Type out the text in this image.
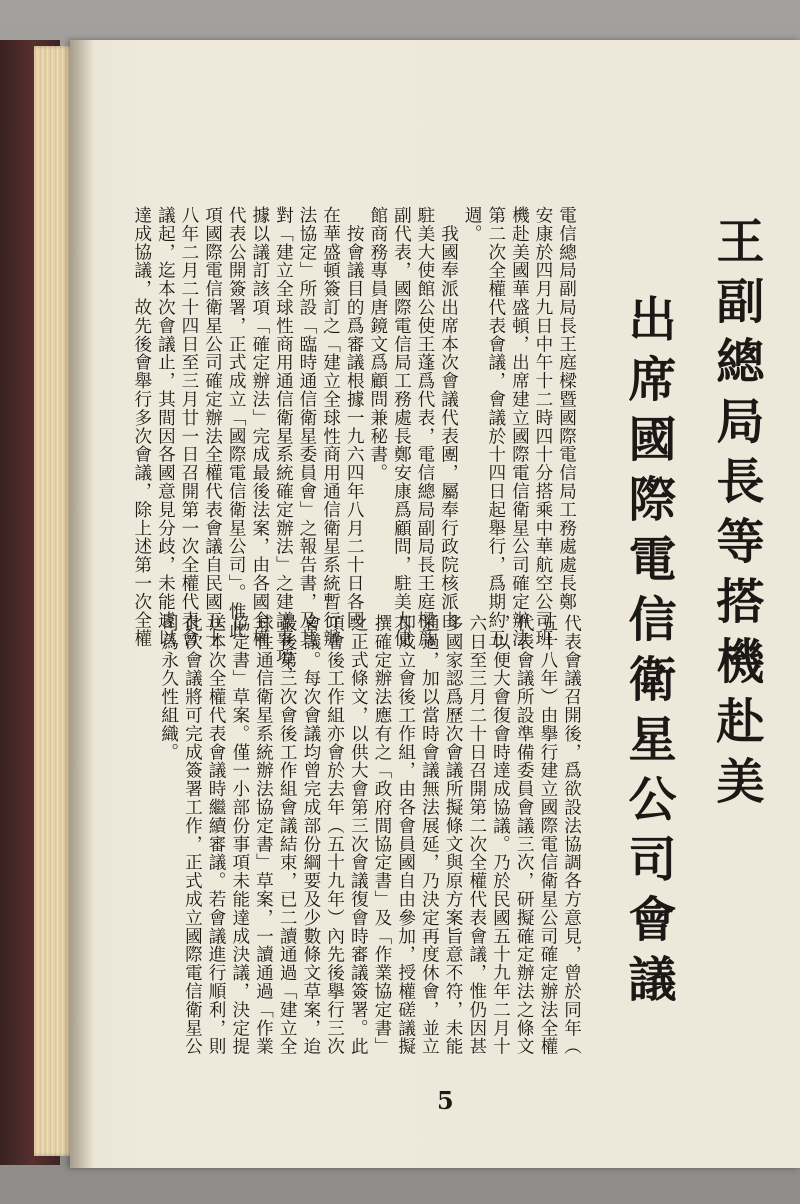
王副總局長等搭機赴美
出席國際電信衛星公司會議
電信總局副局長王庭樑暨國際電信局工務處處長鄭
安康於四月九日中午十二時四十分搭乘中華航空公司班
機赴美國華盛頓，出席建立國際電信衛星公司確定辦法
第二次全權代表會議，會議於十四日起舉行，爲期約五
週。
　我國奉派出席本次會議代表團，屬奉行政院核派由
駐美大使館公使王蓬爲代表，電信總局副局長王庭樑爲
副代表，國際電信局工務處長鄭安康爲顧問，駐美大使
館商務專員唐鏡文爲顧問兼秘書。
　按會議目的爲審議根據一九六四年八月二十日各國
在華盛頓簽訂之「建立全球性商用通信衛星系統暫行辦
法協定」所設「臨時通信衛星委員會」之報告書，及其
對「建立全球性商用通信衛星系統確定辦法」之建議事項，
據以議訂該項「確定辦法」完成最後法案，由各國全權
代表公開簽署，正式成立「國際電信衛星公司」。惟此
項國際電信衛星公司確定辦法全權代表會議自民國五十
八年二月二十四日至三月廿一日召開第一次全權代表會
議起，迄本次會議止，其間因各國意見分歧，未能遽以
達成協議，故先後會舉行多次會議，除上述第一次全權
代表會議召開後，爲欲設法協調各方意見，曾於同年（
五十八年）由擧行建立國際電信衛星公司確定辦法全權
代表會議所設準備委員會議三次，研擬確定辦法之條文
，以便大會復會時達成協議。乃於民國五十九年二月十
六日至三月二十日召開第二次全權代表會議，惟仍因甚
多國家認爲歷次會議所擬條文與原方案旨意不符，未能
通過，加以當時會議無法展延，乃決定再度休會，並立
即成立會後工作組，由各會員國自由參加，授權磋議擬
撰確定辦法應有之「政府間協定書」及「作業協定書」
之正式條文，以供大會第三次會議復會時審議簽署。此
項會後工作組亦會於去年（五十九年）內先後擧行三次
會議。每次會議均曾完成部份綱要及少數條文草案，迨
最後第三次會後工作組會議結束，已二讀通過「建立全
球性通信衛星系統辦法協定書」草案，一讀通過「作業
協定書」草案。僅一小部份事項未能達成決議，決定提
送本次全權代表會議時繼續審議。若會議進行順利，則
此次會議將可完成簽署工作，正式成立國際電信衛星公
司爲永久性組織。
5
